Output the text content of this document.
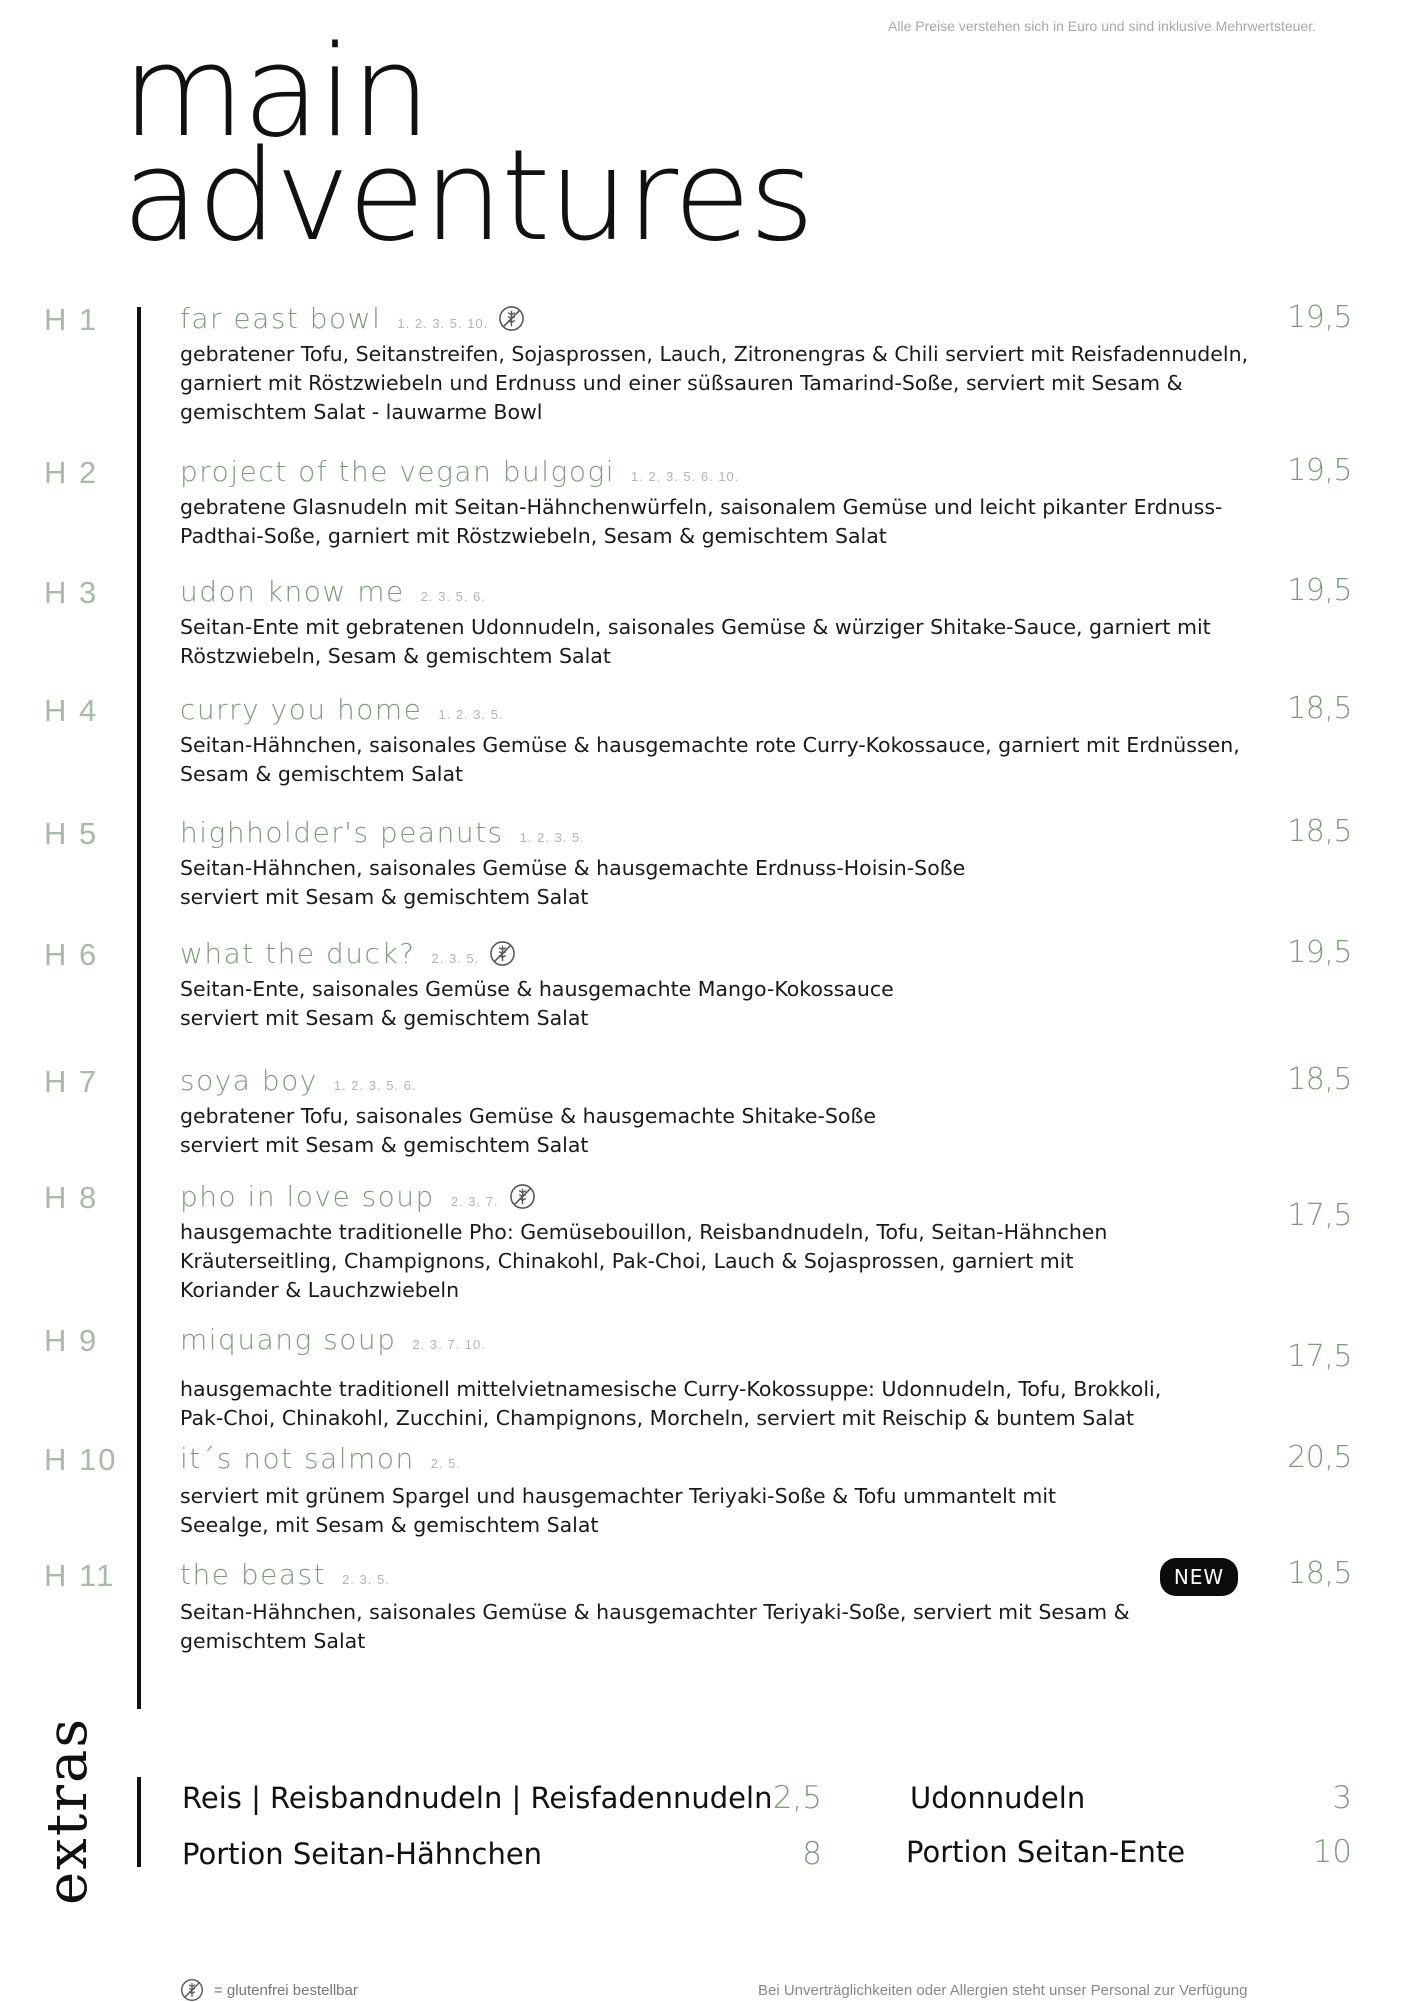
Alle Preise verstehen sich in Euro und sind inklusive Mehrwertsteuer.
main
adventures
H 1	far east bowl 1. 2. 3. 5. 10.	19,5
gebratener Tofu, Seitanstreifen, Sojasprossen, Lauch, Zitronengras & Chili serviert mit Reisfadennudeln, garniert mit Röstzwiebeln und Erdnuss und einer süßsauren Tamarind-Soße, serviert mit Sesam & gemischtem Salat - lauwarme Bowl
H 2	project of the vegan bulgogi 1. 2. 3. 5. 6. 10.	19,5
gebratene Glasnudeln mit Seitan-Hähnchenwürfeln, saisonalem Gemüse und leicht pikanter Erdnuss-Padthai-Soße, garniert mit Röstzwiebeln, Sesam & gemischtem Salat
H 3	udon know me 2. 3. 5. 6.	19,5
Seitan-Ente mit gebratenen Udonnudeln, saisonales Gemüse & würziger Shitake-Sauce, garniert mit Röstzwiebeln, Sesam & gemischtem Salat
H 4	curry you home 1. 2. 3. 5.	18,5
Seitan-Hähnchen, saisonales Gemüse & hausgemachte rote Curry-Kokossauce, garniert mit Erdnüssen, Sesam & gemischtem Salat
H 5	highholder's peanuts 1. 2. 3. 5.	18,5
Seitan-Hähnchen, saisonales Gemüse & hausgemachte Erdnuss-Hoisin-Soße
serviert mit Sesam & gemischtem Salat
H 6	what the duck? 2. 3. 5.	19,5
Seitan-Ente, saisonales Gemüse & hausgemachte Mango-Kokossauce
serviert mit Sesam & gemischtem Salat
H 7	soya boy 1. 2. 3. 5. 6.	18,5
gebratener Tofu, saisonales Gemüse & hausgemachte Shitake-Soße
serviert mit Sesam & gemischtem Salat
H 8	pho in love soup 2. 3. 7.	17,5
hausgemachte traditionelle Pho: Gemüsebouillon, Reisbandnudeln, Tofu, Seitan-Hähnchen
Kräuterseitling, Champignons, Chinakohl, Pak-Choi, Lauch & Sojasprossen, garniert mit
Koriander & Lauchzwiebeln
H 9	miquang soup 2. 3. 7. 10.	17,5
hausgemachte traditionell mittelvietnamesische Curry-Kokossuppe: Udonnudeln, Tofu, Brokkoli,
Pak-Choi, Chinakohl, Zucchini, Champignons, Morcheln, serviert mit Reischip & buntem Salat
H 10 it´s not salmon 2. 5.	20,5
serviert mit grünem Spargel und hausgemachter Teriyaki-Soße & Tofu ummantelt mit
Seealge, mit Sesam & gemischtem Salat
H 11 the beast 2. 3. 5.	NEW	18,5
Seitan-Hähnchen, saisonales Gemüse & hausgemachter Teriyaki-Soße, serviert mit Sesam &
gemischtem Salat
extras	Reis | Reisbandnudeln | Reisfadennudeln 2,5
Portion Seitan-Hähnchen	8
Udonnudeln	3
Portion Seitan-Ente	10
= glutenfrei bestellbar	Bei Unverträglichkeiten oder Allergien steht unser Personal zur Verfügung
